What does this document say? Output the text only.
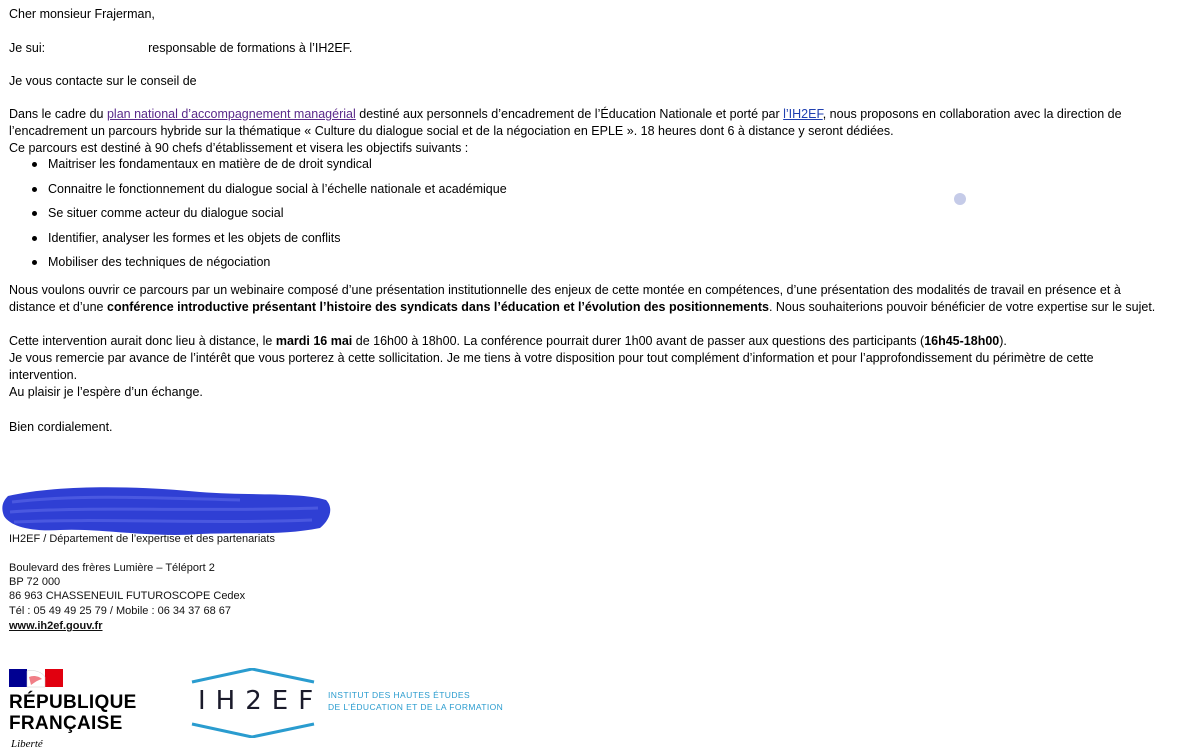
Cher monsieur Frajerman,
Je sui:	responsable de formations à l’IH2EF.
Je vous contacte sur le conseil de
Dans le cadre du plan national d’accompagnement managérial destiné aux personnels d’encadrement de l’Éducation Nationale et porté par l’IH2EF, nous proposons en collaboration avec la direction de
l’encadrement un parcours hybride sur la thématique « Culture du dialogue social et de la négociation en EPLE ». 18 heures dont 6 à distance y seront dédiées.
Ce parcours est destiné à 90 chefs d’établissement et visera les objectifs suivants :
Maitriser les fondamentaux en matière de de droit syndical
Connaitre le fonctionnement du dialogue social à l’échelle nationale et académique
Se situer comme acteur du dialogue social
Identifier, analyser les formes et les objets de conflits
Mobiliser des techniques de négociation
Nous voulons ouvrir ce parcours par un webinaire composé d’une présentation institutionnelle des enjeux de cette montée en compétences, d’une présentation des modalités de travail en présence et à
distance et d’une conférence introductive présentant l’histoire des syndicats dans l’éducation et l’évolution des positionnements. Nous souhaiterions pouvoir bénéficier de votre expertise sur le sujet.
Cette intervention aurait donc lieu à distance, le mardi 16 mai de 16h00 à 18h00. La conférence pourrait durer 1h00 avant de passer aux questions des participants (16h45-18h00).
Je vous remercie par avance de l’intérêt que vous porterez à cette sollicitation. Je me tiens à votre disposition pour tout complément d’information et pour l’approfondissement du périmètre de cette
intervention.
Au plaisir je l’espère d’un échange.
Bien cordialement.
IH2EF / Département de l’expertise et des partenariats
Boulevard des frères Lumière – Téléport 2
BP 72 000
86 963 CHASSENEUIL FUTUROSCOPE Cedex
Tél : 05 49 49 25 79 / Mobile : 06 34 37 68 67
www.ih2ef.gouv.fr
RÉPUBLIQUE
FRANÇAISE
Liberté
IH2EF INSTITUT DES HAUTES ÉTUDES
DE L’ÉDUCATION ET DE LA FORMATION
